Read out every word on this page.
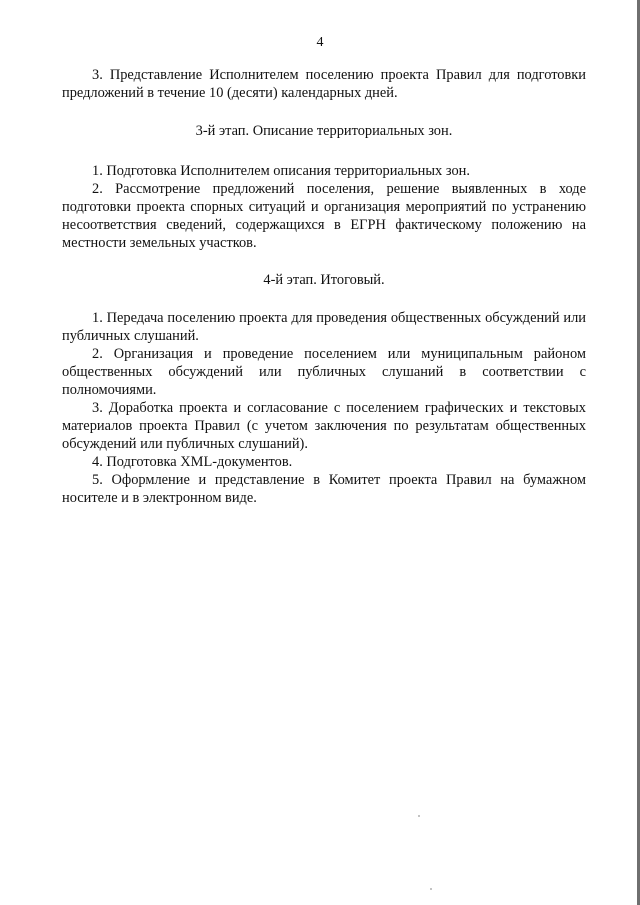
4

3. Представление Исполнителем поселению проекта Правил для подготовки предложений в течение 10 (десяти) календарных дней.

3-й этап. Описание территориальных зон.

1. Подготовка Исполнителем описания территориальных зон.

2. Рассмотрение предложений поселения, решение выявленных в ходе подготовки проекта спорных ситуаций и организация мероприятий по устранению несоответствия сведений, содержащихся в ЕГРН фактическому положению на местности земельных участков.

4-й этап. Итоговый.

1. Передача поселению проекта для проведения общественных обсуждений или публичных слушаний.

2. Организация и проведение поселением или муниципальным районом общественных обсуждений или публичных слушаний в соответствии с полномочиями.

3. Доработка проекта и согласование с поселением графических и текстовых материалов проекта Правил (с учетом заключения по результатам общественных обсуждений или публичных слушаний).

4. Подготовка XML-документов.

5. Оформление и представление в Комитет проекта Правил на бумажном носителе и в электронном виде.
